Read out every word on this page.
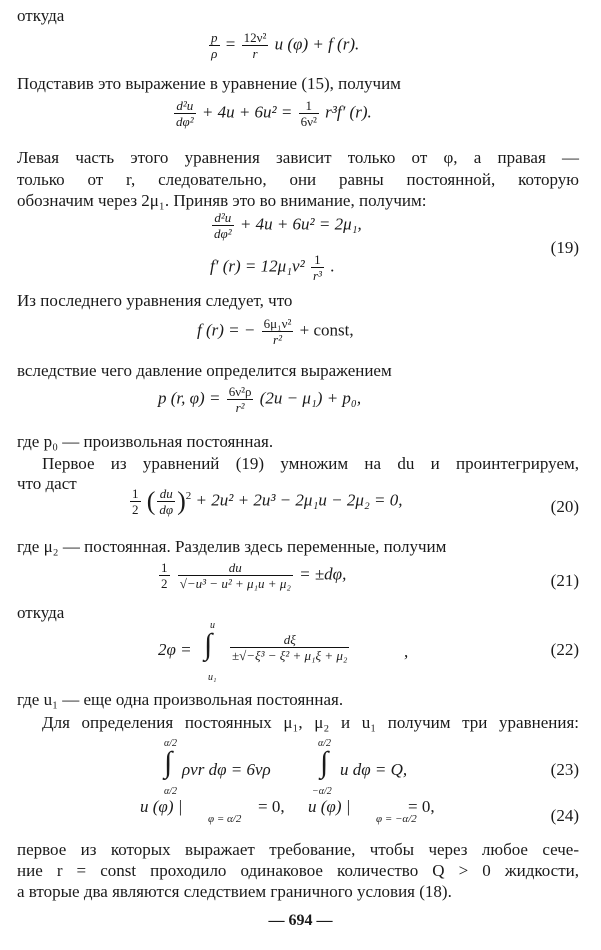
откуда
$\frac{p}{\rho} = \frac{\text{12ν²}}{r}$ u (φ) + f (r).
Подставив это выражение в уравнение (15), получим
$\frac{\text{d²u}}{\text{dφ²}} + 4u + 6u^2 = \frac{1}{\text{6ν²}} r^3f'$ (r).
Левая часть этого уравнения зависит только от φ, а правая —
только от r, следовательно, они равны постоянной, которую
обозначим через 2μ₁. Приняв это во внимание, получим:
$\frac{\text{d²u}}{\text{dφ²}} + 4u + 6u^2 = 2\mu_1$,
f′ $(r) = 12\mu_1\nu^2 \frac{1}{\text{r³}}$ .
(19)
Из последнего уравнения следует, что
f (r) = − $\frac{\text{6μ₁ν²}}{\text{r²}}$ + const,
вследствие чего давление определится выражением
p (r, $\varphi) = \frac{\text{6ν²ρ}}{\text{r²}} (2u - \mu_1) + p_0$,
где p₀ — произвольная постоянная.
Первое из уравнений (19) умножим на du и проинтегрируем,
что даст
$\frac{1}{2}$ ( $\frac{du}{d\varphi} )^2 + 2u^2 + 2u^3 - 2\mu_1u - 2\mu_2 = 0$,	(20)
где μ₂ — постоянная. Разделив здесь переменные, получим
$\frac{1}{2}$
$\frac{du}{\text{√−u³ − u² + μ₁u + μ₂}} = \pm d\varphi$,	(21)
откуда
2φ =
u
∫
u₁
$\frac{d\xi}{\text{±√−ξ³ − ξ² + μ₁ξ + μ₂}}$	,	(22)
где u₁ — еще одна произвольная постоянная.
Для определения постоянных μ₁, μ₂ и u₁ получим три уравнения:
α/2
∫
α/2
ρνr dφ = 6νρ
α/2
∫
−α/2
u dφ = Q,	(23)
u (φ) |
φ = α/2
= 0, u (φ) |
φ = −α/2
= 0,	(24)
первое из которых выражает требование, чтобы через любое сече-
ние r = const проходило одинаковое количество Q > 0 жидкости,
а вторые два являются следствием граничного условия (18).
— 694 —
